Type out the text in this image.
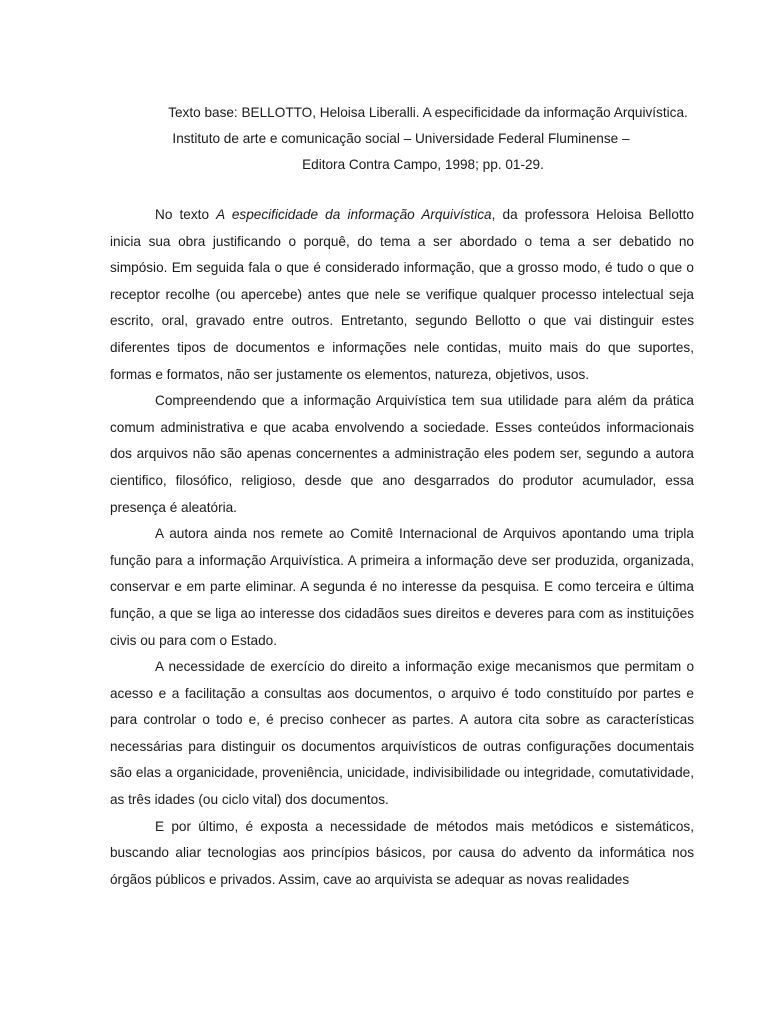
Texto base: BELLOTTO, Heloisa Liberalli. A especificidade da informação Arquivística.
Instituto de arte e comunicação social – Universidade Federal Fluminense –
Editora Contra Campo, 1998; pp. 01-29.

No texto A especificidade da informação Arquivística, da professora Heloisa Bellotto inicia sua obra justificando o porquê, do tema a ser abordado o tema a ser debatido no simpósio. Em seguida fala o que é considerado informação, que a grosso modo, é tudo o que o receptor recolhe (ou apercebe) antes que nele se verifique qualquer processo intelectual seja escrito, oral, gravado entre outros. Entretanto, segundo Bellotto o que vai distinguir estes diferentes tipos de documentos e informações nele contidas, muito mais do que suportes, formas e formatos, não ser justamente os elementos, natureza, objetivos, usos.

Compreendendo que a informação Arquivística tem sua utilidade para além da prática comum administrativa e que acaba envolvendo a sociedade. Esses conteúdos informacionais dos arquivos não são apenas concernentes a administração eles podem ser, segundo a autora cientifico, filosófico, religioso, desde que ano desgarrados do produtor acumulador, essa presença é aleatória.

A autora ainda nos remete ao Comitê Internacional de Arquivos apontando uma tripla função para a informação Arquivística. A primeira a informação deve ser produzida, organizada, conservar e em parte eliminar. A segunda é no interesse da pesquisa. E como terceira e última função, a que se liga ao interesse dos cidadãos sues direitos e deveres para com as instituições civis ou para com o Estado.

A necessidade de exercício do direito a informação exige mecanismos que permitam o acesso e a facilitação a consultas aos documentos, o arquivo é todo constituído por partes e para controlar o todo e, é preciso conhecer as partes. A autora cita sobre as características necessárias para distinguir os documentos arquivísticos de outras configurações documentais são elas a organicidade, proveniência, unicidade, indivisibilidade ou integridade, comutatividade, as três idades (ou ciclo vital) dos documentos.

E por último, é exposta a necessidade de métodos mais metódicos e sistemáticos, buscando aliar tecnologias aos princípios básicos, por causa do advento da informática nos órgãos públicos e privados. Assim, cave ao arquivista se adequar as novas realidades
